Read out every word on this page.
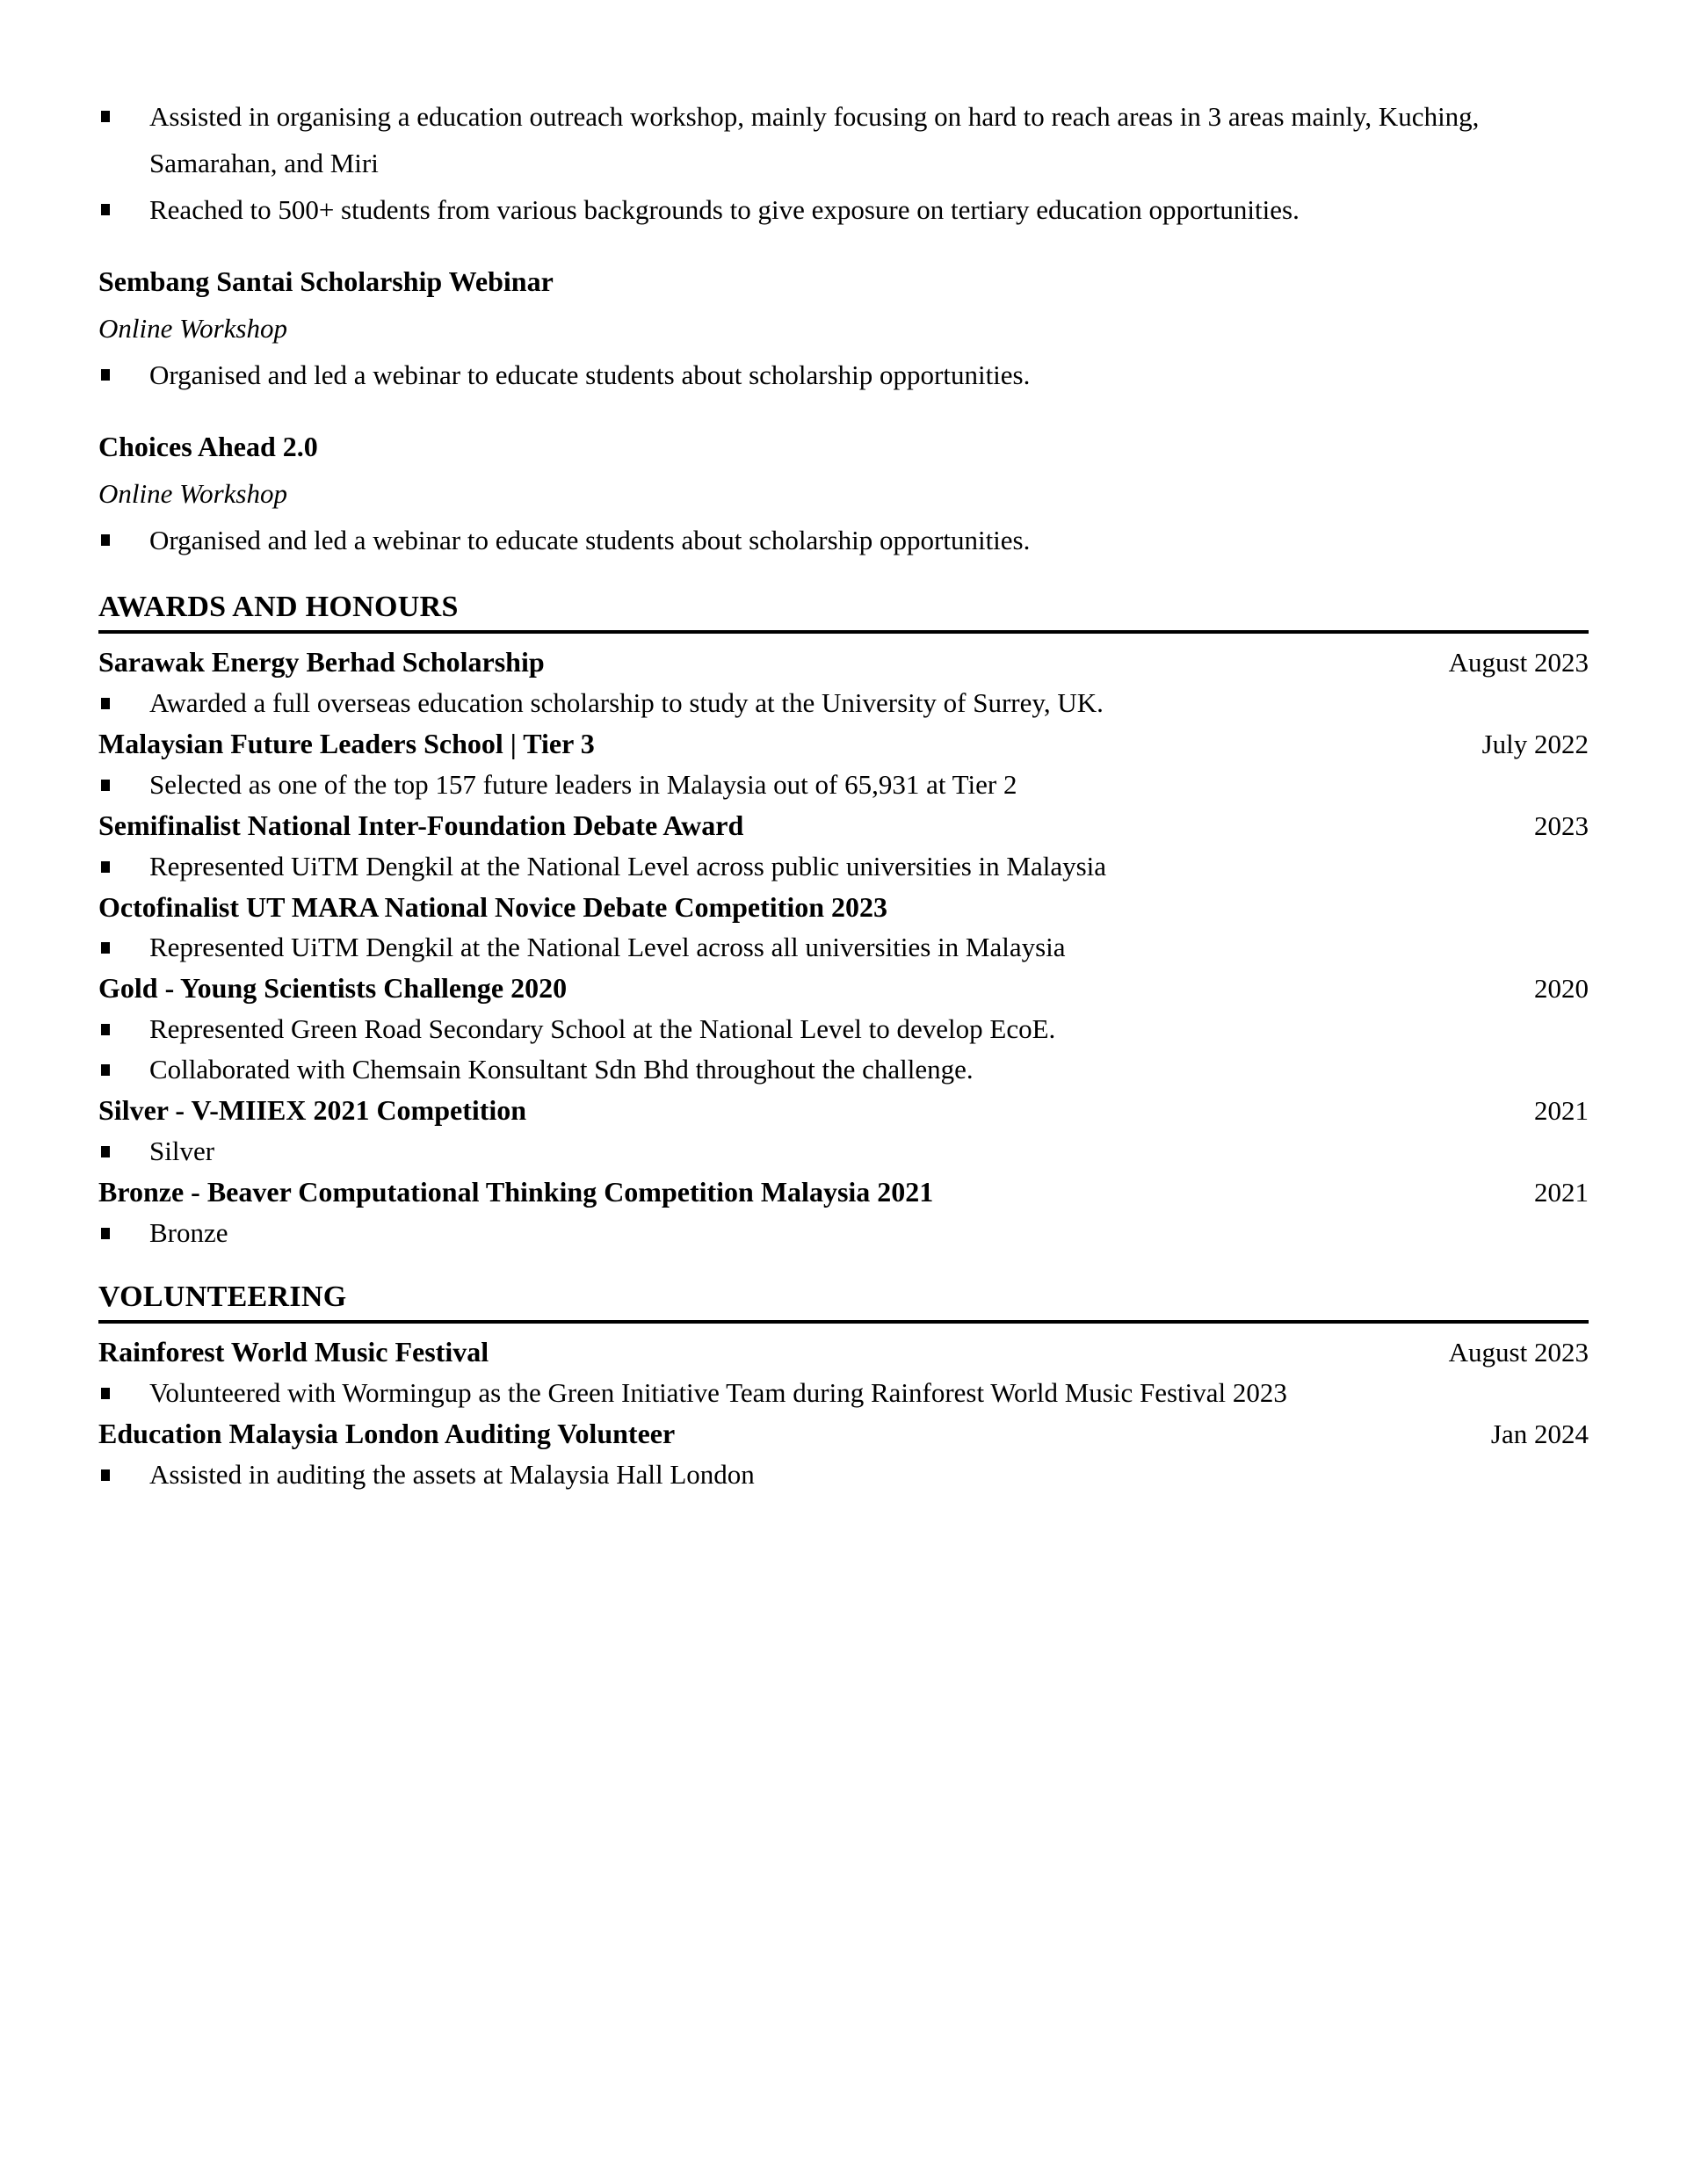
Assisted in organising a education outreach workshop, mainly focusing on hard to reach areas in 3 areas mainly, Kuching, Samarahan, and Miri
Reached to 500+ students from various backgrounds to give exposure on tertiary education opportunities.
Sembang Santai Scholarship Webinar
Online Workshop
Organised and led a webinar to educate students about scholarship opportunities.
Choices Ahead 2.0
Online Workshop
Organised and led a webinar to educate students about scholarship opportunities.
AWARDS AND HONOURS
Sarawak Energy Berhad Scholarship	August 2023
Awarded a full overseas education scholarship to study at the University of Surrey, UK.
Malaysian Future Leaders School | Tier 3	July 2022
Selected as one of the top 157 future leaders in Malaysia out of 65,931 at Tier 2
Semifinalist National Inter-Foundation Debate Award	2023
Represented UiTM Dengkil at the National Level across public universities in Malaysia
Octofinalist UT MARA National Novice Debate Competition 2023
Represented UiTM Dengkil at the National Level across all universities in Malaysia
Gold - Young Scientists Challenge 2020	2020
Represented Green Road Secondary School at the National Level to develop EcoE.
Collaborated with Chemsain Konsultant Sdn Bhd throughout the challenge.
Silver - V-MIIEX 2021 Competition	2021
Silver
Bronze - Beaver Computational Thinking Competition Malaysia 2021	2021
Bronze
VOLUNTEERING
Rainforest World Music Festival	August 2023
Volunteered with Wormingup as the Green Initiative Team during Rainforest World Music Festival 2023
Education Malaysia London Auditing Volunteer	Jan 2024
Assisted in auditing the assets at Malaysia Hall London
